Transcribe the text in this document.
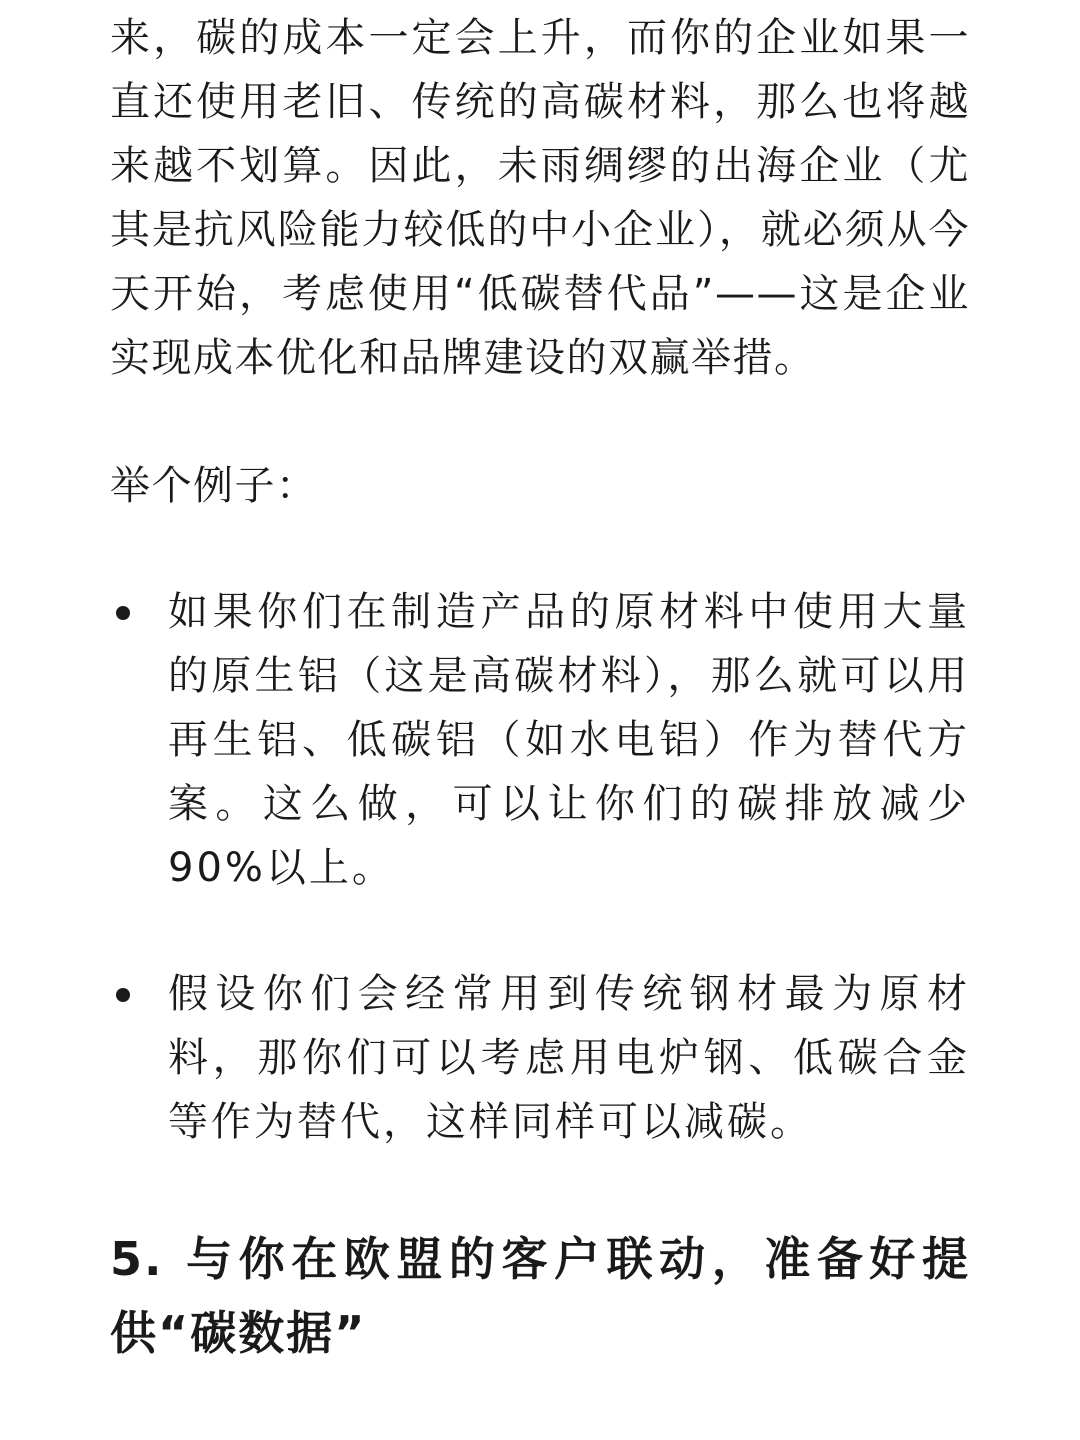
来，碳的成本一定会上升，而你的企业如果一直还使用老旧、传统的高碳材料，那么也将越来越不划算。因此，未雨绸缪的出海企业（尤其是抗风险能力较低的中小企业），就必须从今天开始，考虑使用“低碳替代品”——这是企业实现成本优化和品牌建设的双赢举措。

举个例子：

如果你们在制造产品的原材料中使用大量的原生铝（这是高碳材料），那么就可以用再生铝、低碳铝（如水电铝）作为替代方案。这么做，可以让你们的碳排放减少90%以上。
假设你们会经常用到传统钢材最为原材料，那你们可以考虑用电炉钢、低碳合金等作为替代，这样同样可以减碳。
5. 与你在欧盟的客户联动，准备好提供“碳数据”
